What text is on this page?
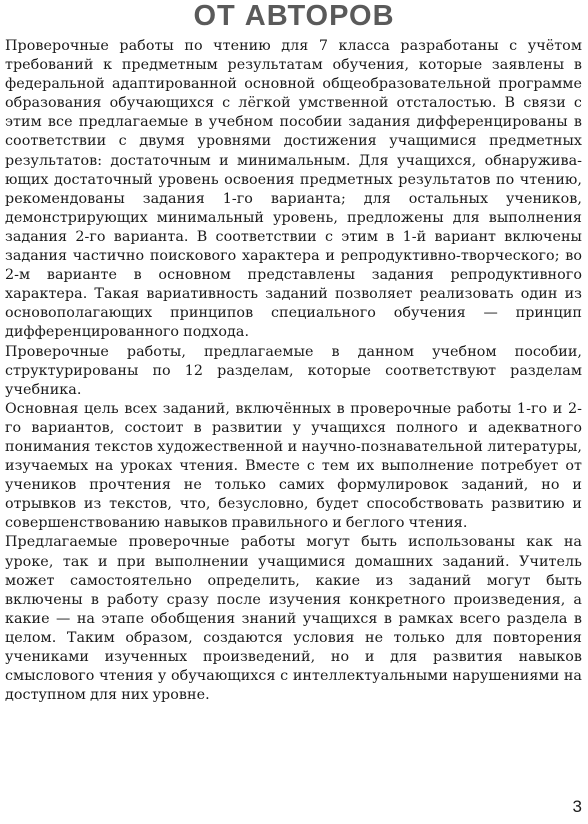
ОТ АВТОРОВ

Проверочные работы по чтению для 7 класса разработаны с учётом требований к предметным результатам обучения, которые заявлены в федеральной адаптированной основной общеобразовательной программе образования обучающихся с лёгкой умственной отсталостью. В связи с этим все предлагаемые в учебном пособии задания дифференцированы в соответствии с двумя уровнями достижения учащимися предметных результатов: достаточным и минимальным. Для учащихся, обнаруживающих достаточный уровень освоения предметных результатов по чтению, рекомендованы задания 1-го варианта; для остальных учеников, демонстрирующих минимальный уровень, предложены для выполнения задания 2-го варианта. В соответствии с этим в 1-й вариант включены задания частично поискового характера и репродуктивно-творческого; во 2-м варианте в основном представлены задания репродуктивного характера. Такая вариативность заданий позволяет реализовать один из основополагающих принципов специального обучения — принцип дифференцированного подхода.

Проверочные работы, предлагаемые в данном учебном пособии, структурированы по 12 разделам, которые соответствуют разделам учебника.

Основная цель всех заданий, включённых в проверочные работы 1-го и 2-го вариантов, состоит в развитии у учащихся полного и адекватного понимания текстов художественной и научно-познавательной литературы, изучаемых на уроках чтения. Вместе с тем их выполнение потребует от учеников прочтения не только самих формулировок заданий, но и отрывков из текстов, что, безусловно, будет способствовать развитию и совершенствованию навыков правильного и беглого чтения.

Предлагаемые проверочные работы могут быть использованы как на уроке, так и при выполнении учащимися домашних заданий. Учитель может самостоятельно определить, какие из заданий могут быть включены в работу сразу после изучения конкретного произведения, а какие — на этапе обобщения знаний учащихся в рамках всего раздела в целом. Таким образом, создаются условия не только для повторения учениками изученных произведений, но и для развития навыков смыслового чтения у обучающихся с интеллектуальными нарушениями на доступном для них уровне.

3
